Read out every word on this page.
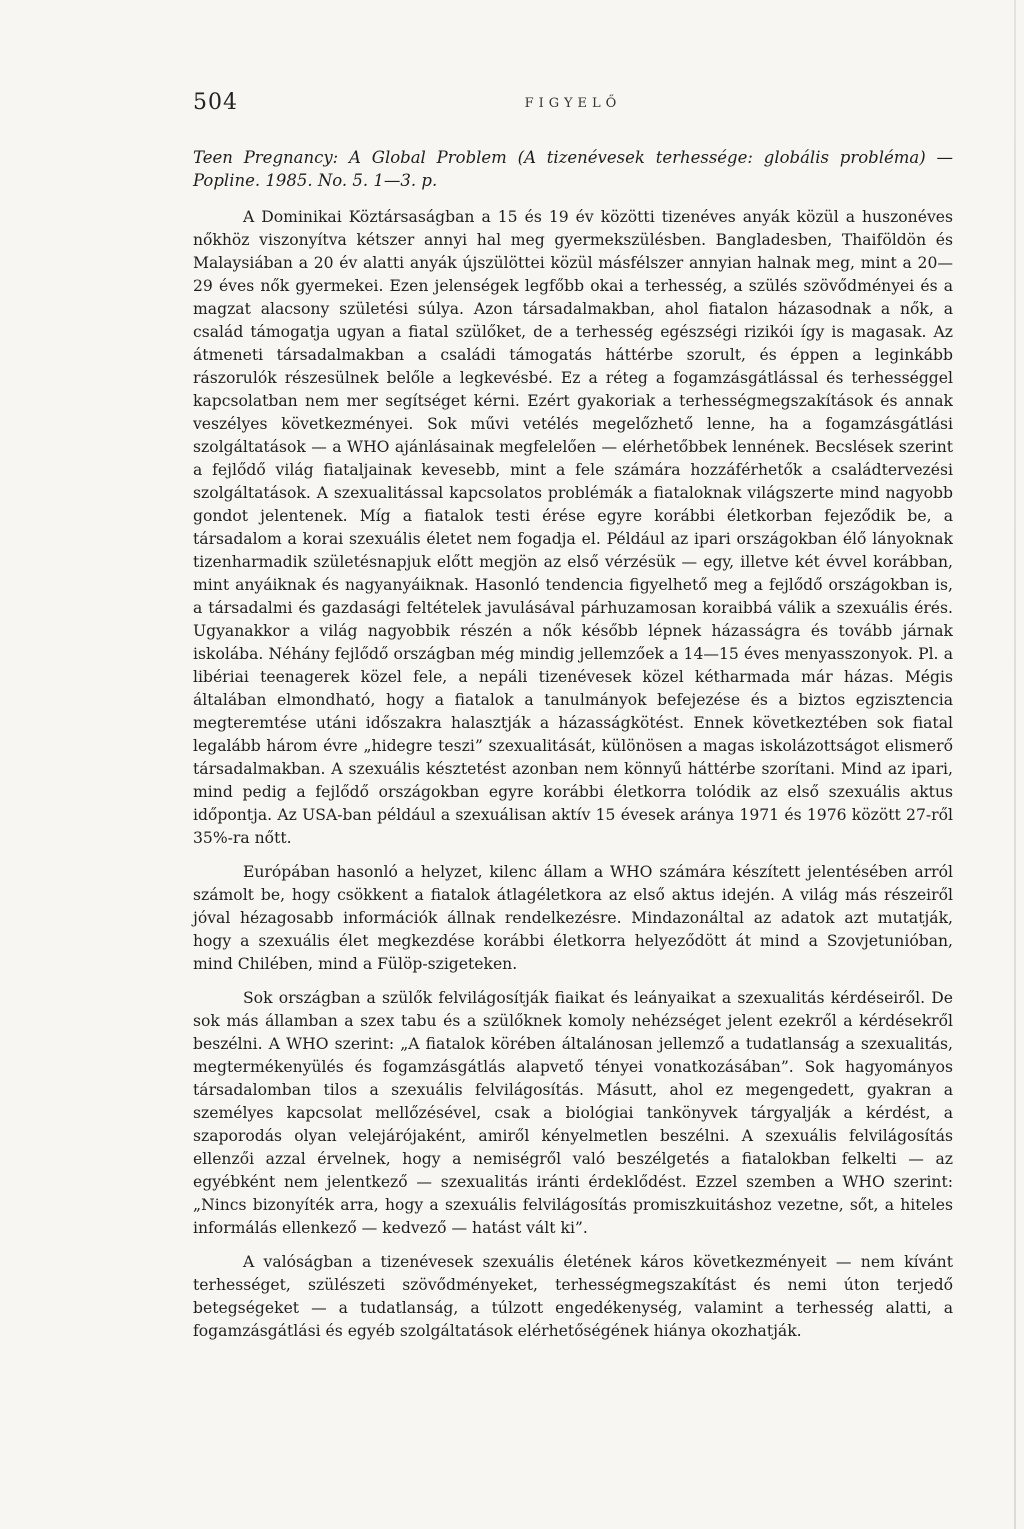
504	FIGYELŐ

Teen Pregnancy: A Global Problem (A tizenévesek terhessége: globális probléma) — Popline. 1985. No. 5. 1—3. p.

A Dominikai Köztársaságban a 15 és 19 év közötti tizenéves anyák közül a huszonéves nőkhöz viszonyítva kétszer annyi hal meg gyermekszülésben. Bangladesben, Thaiföldön és Malaysiában a 20 év alatti anyák újszülöttei közül másfélszer annyian halnak meg, mint a 20—29 éves nők gyermekei. Ezen jelenségek legfőbb okai a terhesség, a szülés szövődményei és a magzat alacsony születési súlya. Azon társadalmakban, ahol fiatalon házasodnak a nők, a család támogatja ugyan a fiatal szülőket, de a terhesség egészségi rizikói így is magasak. Az átmeneti társadalmakban a családi támogatás háttérbe szorult, és éppen a leginkább rászorulók részesülnek belőle a legkevésbé. Ez a réteg a fogamzásgátlással és terhességgel kapcsolatban nem mer segítséget kérni. Ezért gyakoriak a terhességmegszakítások és annak veszélyes következményei. Sok művi vetélés megelőzhető lenne, ha a fogamzásgátlási szolgáltatások — a WHO ajánlásainak megfelelően — elérhetőbbek lennének. Becslések szerint a fejlődő világ fiataljainak kevesebb, mint a fele számára hozzáférhetők a családtervezési szolgáltatások. A szexualitással kapcsolatos problémák a fiataloknak világszerte mind nagyobb gondot jelentenek. Míg a fiatalok testi érése egyre korábbi életkorban fejeződik be, a társadalom a korai szexuális életet nem fogadja el. Például az ipari országokban élő lányoknak tizenharmadik születésnapjuk előtt megjön az első vérzésük — egy, illetve két évvel korábban, mint anyáiknak és nagyanyáiknak. Hasonló tendencia figyelhető meg a fejlődő országokban is, a társadalmi és gazdasági feltételek javulásával párhuzamosan koraibbá válik a szexuális érés. Ugyanakkor a világ nagyobbik részén a nők később lépnek házasságra és tovább járnak iskolába. Néhány fejlődő országban még mindig jellemzőek a 14—15 éves menyasszonyok. Pl. a libériai teenagerek közel fele, a nepáli tizenévesek közel kétharmada már házas. Mégis általában elmondható, hogy a fiatalok a tanulmányok befejezése és a biztos egzisztencia megteremtése utáni időszakra halasztják a házasságkötést. Ennek következtében sok fiatal legalább három évre „hidegre teszi” szexualitását, különösen a magas iskolázottságot elismerő társadalmakban. A szexuális késztetést azonban nem könnyű háttérbe szorítani. Mind az ipari, mind pedig a fejlődő országokban egyre korábbi életkorra tolódik az első szexuális aktus időpontja. Az USA-ban például a szexuálisan aktív 15 évesek aránya 1971 és 1976 között 27-ről 35%-ra nőtt.

Európában hasonló a helyzet, kilenc állam a WHO számára készített jelentésében arról számolt be, hogy csökkent a fiatalok átlagéletkora az első aktus idején. A világ más részeiről jóval hézagosabb információk állnak rendelkezésre. Mindazonáltal az adatok azt mutatják, hogy a szexuális élet megkezdése korábbi életkorra helyeződött át mind a Szovjetunióban, mind Chilében, mind a Fülöp-szigeteken.

Sok országban a szülők felvilágosítják fiaikat és leányaikat a szexualitás kérdéseiről. De sok más államban a szex tabu és a szülőknek komoly nehézséget jelent ezekről a kérdésekről beszélni. A WHO szerint: „A fiatalok körében általánosan jellemző a tudatlanság a szexualitás, megtermékenyülés és fogamzásgátlás alapvető tényei vonatkozásában”. Sok hagyományos társadalomban tilos a szexuális felvilágosítás. Másutt, ahol ez megengedett, gyakran a személyes kapcsolat mellőzésével, csak a biológiai tankönyvek tárgyalják a kérdést, a szaporodás olyan velejárójaként, amiről kényelmetlen beszélni. A szexuális felvilágosítás ellenzői azzal érvelnek, hogy a nemiségről való beszélgetés a fiatalokban felkelti — az egyébként nem jelentkező — szexualitás iránti érdeklődést. Ezzel szemben a WHO szerint: „Nincs bizonyíték arra, hogy a szexuális felvilágosítás promiszkuitáshoz vezetne, sőt, a hiteles informálás ellenkező — kedvező — hatást vált ki”.

A valóságban a tizenévesek szexuális életének káros következményeit — nem kívánt terhességet, szülészeti szövődményeket, terhességmegszakítást és nemi úton terjedő betegségeket — a tudatlanság, a túlzott engedékenység, valamint a terhesség alatti, a fogamzásgátlási és egyéb szolgáltatások elérhetőségének hiánya okozhatják.
